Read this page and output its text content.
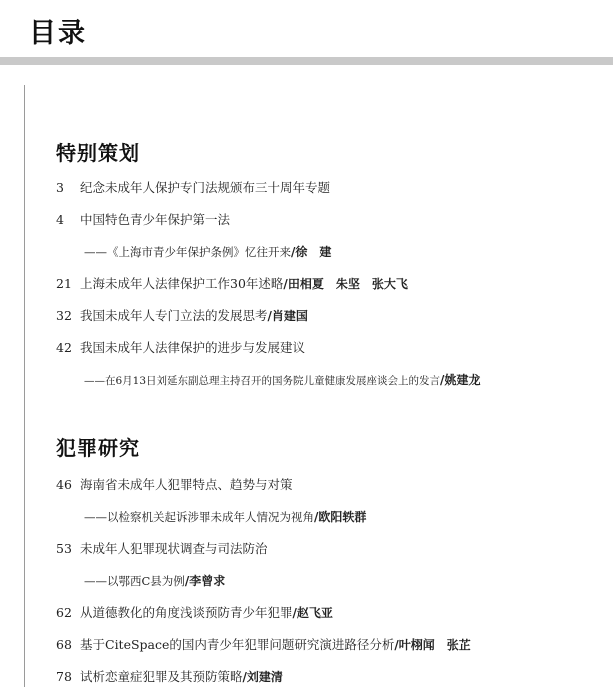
目录
特别策划
3 纪念未成年人保护专门法规颁布三十周年专题
4 中国特色青少年保护第一法
——《上海市青少年保护条例》忆往开来/徐　建
21 上海未成年人法律保护工作30年述略/田相夏　朱坚　张大飞
32 我国未成年人专门立法的发展思考/肖建国
42 我国未成年人法律保护的进步与发展建议
——在6月13日刘延东副总理主持召开的国务院儿童健康发展座谈会上的发言/姚建龙
犯罪研究
46 海南省未成年人犯罪特点、趋势与对策
——以检察机关起诉涉罪未成年人情况为视角/欧阳轶群
53 未成年人犯罪现状调查与司法防治
——以鄂西C县为例/李曾求
62 从道德教化的角度浅谈预防青少年犯罪/赵飞亚
68 基于CiteSpace的国内青少年犯罪问题研究演进路径分析/叶栩闻　张芷
78 试析恋童症犯罪及其预防策略/刘建清
